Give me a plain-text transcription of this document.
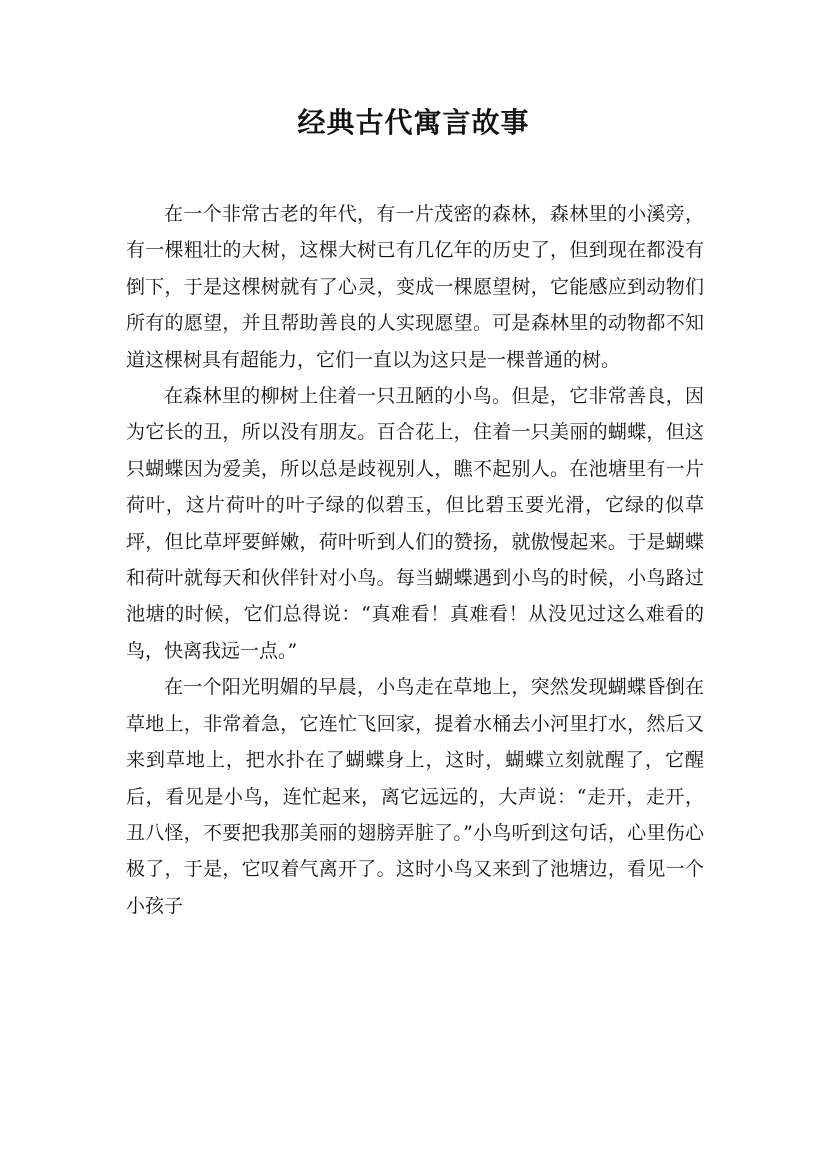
经典古代寓言故事

在一个非常古老的年代，有一片茂密的森林，森林里的小溪旁，有一棵粗壮的大树，这棵大树已有几亿年的历史了，但到现在都没有倒下，于是这棵树就有了心灵，变成一棵愿望树，它能感应到动物们所有的愿望，并且帮助善良的人实现愿望。可是森林里的动物都不知道这棵树具有超能力，它们一直以为这只是一棵普通的树。

在森林里的柳树上住着一只丑陋的小鸟。但是，它非常善良，因为它长的丑，所以没有朋友。百合花上，住着一只美丽的蝴蝶，但这只蝴蝶因为爱美，所以总是歧视别人，瞧不起别人。在池塘里有一片荷叶，这片荷叶的叶子绿的似碧玉，但比碧玉要光滑，它绿的似草坪，但比草坪要鲜嫩，荷叶听到人们的赞扬，就傲慢起来。于是蝴蝶和荷叶就每天和伙伴针对小鸟。每当蝴蝶遇到小鸟的时候，小鸟路过池塘的时候，它们总得说：“真难看！真难看！从没见过这么难看的鸟，快离我远一点。”

在一个阳光明媚的早晨，小鸟走在草地上，突然发现蝴蝶昏倒在草地上，非常着急，它连忙飞回家，提着水桶去小河里打水，然后又来到草地上，把水扑在了蝴蝶身上，这时，蝴蝶立刻就醒了，它醒后，看见是小鸟，连忙起来，离它远远的，大声说：“走开，走开，丑八怪，不要把我那美丽的翅膀弄脏了。”小鸟听到这句话，心里伤心极了，于是，它叹着气离开了。这时小鸟又来到了池塘边，看见一个小孩子
